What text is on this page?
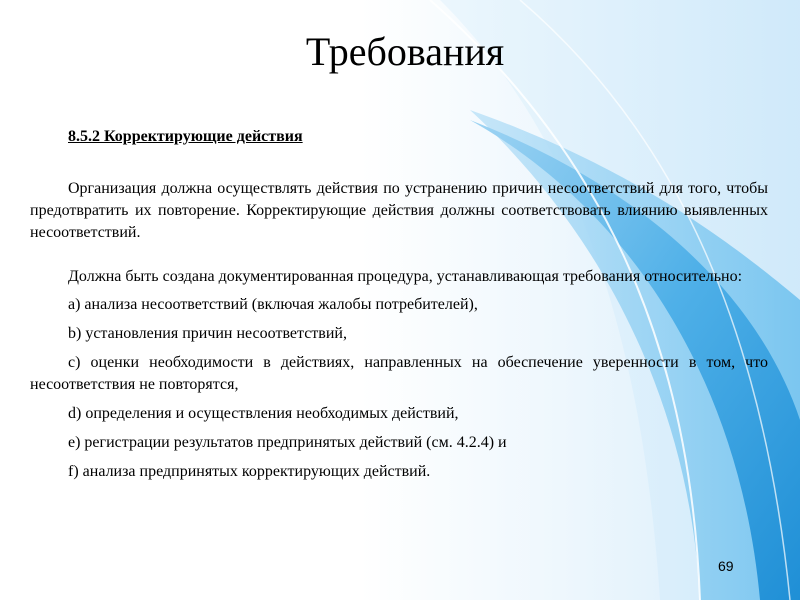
Требования
8.5.2 Корректирующие действия

Организация должна осуществлять действия по устранению причин несоответствий для того, чтобы предотвратить их повторение. Корректирующие действия должны соответствовать влиянию выявленных несоответствий.

Должна быть создана документированная процедура, устанавливающая требования относительно:

a) анализа несоответствий (включая жалобы потребителей),
b) установления причин несоответствий,
c) оценки необходимости в действиях, направленных на обеспечение уверенности в том, что несоответствия не повторятся,
d) определения и осуществления необходимых действий,
e) регистрации результатов предпринятых действий (см. 4.2.4) и
f) анализа предпринятых корректирующих действий.
69
